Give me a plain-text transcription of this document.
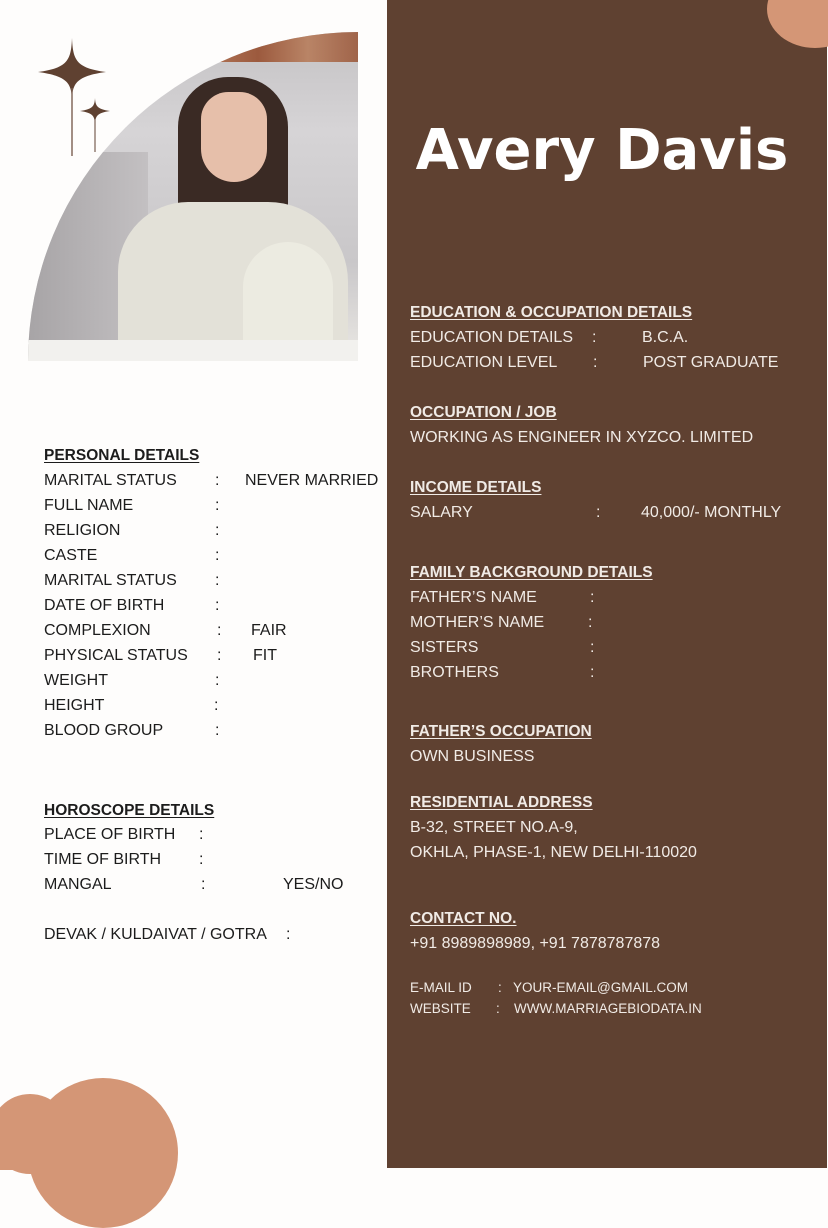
Avery Davis
PERSONAL DETAILS
MARITAL STATUS : NEVER MARRIED
FULL NAME	:
RELIGION	:
CASTE	:
MARITAL STATUS :
DATE OF BIRTH	:
COMPLEXION	: FAIR
PHYSICAL STATUS : FIT
WEIGHT	:
HEIGHT	:
BLOOD GROUP	:
HOROSCOPE DETAILS
PLACE OF BIRTH :
TIME OF BIRTH :
MANGAL	:	YES/NO
DEVAK / KULDAIVAT / GOTRA :
EDUCATION & OCCUPATION DETAILS
EDUCATION DETAILS :	B.C.A.
EDUCATION LEVEL :	POST GRADUATE
OCCUPATION / JOB
WORKING AS ENGINEER IN XYZCO. LIMITED
INCOME DETAILS
SALARY	:	40,000/- MONTHLY
FAMILY BACKGROUND DETAILS
FATHER’S NAME	:
MOTHER’S NAME	:
SISTERS	:
BROTHERS	:
FATHER’S OCCUPATION
OWN BUSINESS
RESIDENTIAL ADDRESS
B-32, STREET NO.A-9,
OKHLA, PHASE-1, NEW DELHI-110020
CONTACT NO.
+91 8989898989, +91 7878787878
E-MAIL ID : YOUR-EMAIL@GMAIL.COM
WEBSITE : WWW.MARRIAGEBIODATA.IN
